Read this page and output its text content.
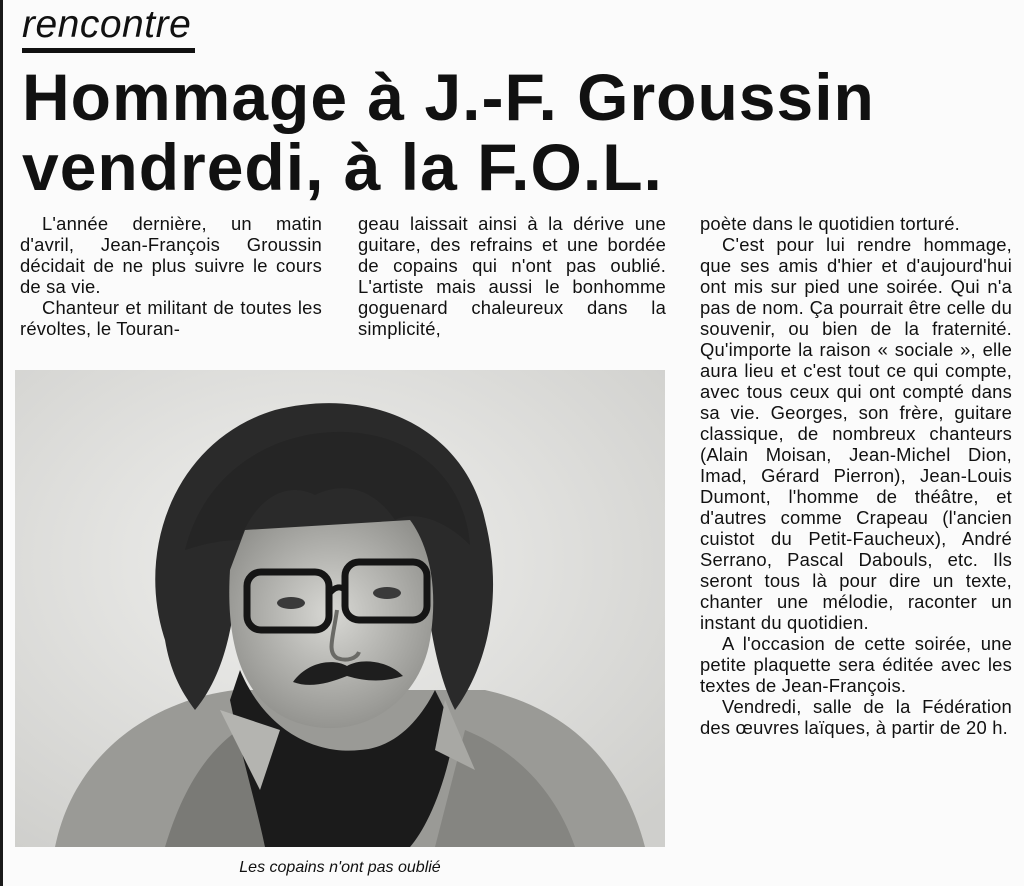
rencontre
Hommage à J.-F. Groussin
vendredi, à la F.O.L.

L'année dernière, un matin d'avril, Jean-François Groussin décidait de ne plus suivre le cours de sa vie.

Chanteur et militant de toutes les révoltes, le Touran-

geau laissait ainsi à la dérive une guitare, des refrains et une bordée de copains qui n'ont pas oublié. L'artiste mais aussi le bonhomme goguenard chaleureux dans la simplicité,

poète dans le quotidien torturé.

C'est pour lui rendre hommage, que ses amis d'hier et d'aujourd'hui ont mis sur pied une soirée. Qui n'a pas de nom. Ça pourrait être celle du souvenir, ou bien de la fraternité. Qu'importe la raison « sociale », elle aura lieu et c'est tout ce qui compte, avec tous ceux qui ont compté dans sa vie. Georges, son frère, guitare classique, de nombreux chanteurs (Alain Moisan, Jean-Michel Dion, Imad, Gérard Pierron), Jean-Louis Dumont, l'homme de théâtre, et d'autres comme Crapeau (l'ancien cuistot du Petit-Faucheux), André Serrano, Pascal Dabouls, etc. Ils seront tous là pour dire un texte, chanter une mélodie, raconter un instant du quotidien.

A l'occasion de cette soirée, une petite plaquette sera éditée avec les textes de Jean-François.

Vendredi, salle de la Fédération des œuvres laïques, à partir de 20 h.

Les copains n'ont pas oublié
